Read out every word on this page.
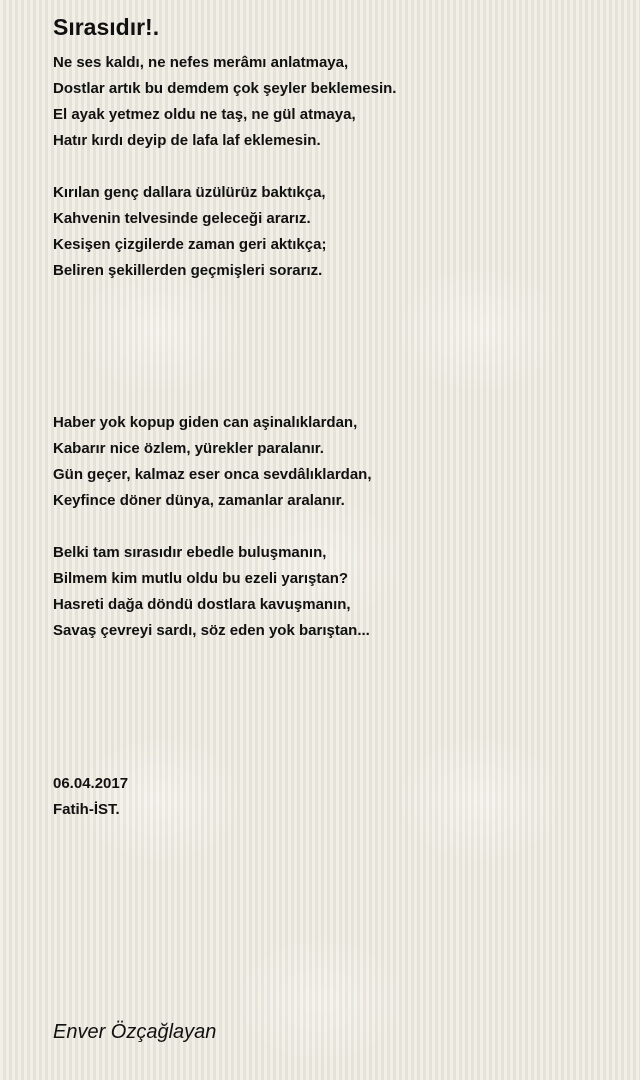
Sırasıdır!.
Ne ses kaldı, ne nefes merâmı anlatmaya,
Dostlar artık bu demdem çok şeyler beklemesin.
El ayak yetmez oldu ne taş, ne gül atmaya,
Hatır kırdı deyip de lafa laf eklemesin.
Kırılan genç dallara üzülürüz baktıkça,
Kahvenin telvesinde geleceği ararız.
Kesişen çizgilerde zaman geri aktıkça;
Beliren şekillerden geçmişleri sorarız.
Haber yok kopup giden can aşinalıklardan,
Kabarır nice özlem, yürekler paralanır.
Gün geçer, kalmaz eser onca sevdâlıklardan,
Keyfince döner dünya, zamanlar aralanır.
Belki tam sırasıdır ebedle buluşmanın,
Bilmem kim mutlu oldu bu ezeli yarıştan?
Hasreti dağa döndü dostlara kavuşmanın,
Savaş çevreyi sardı, söz eden yok barıştan...
06.04.2017
Fatih-İST.
Enver Özçağlayan
